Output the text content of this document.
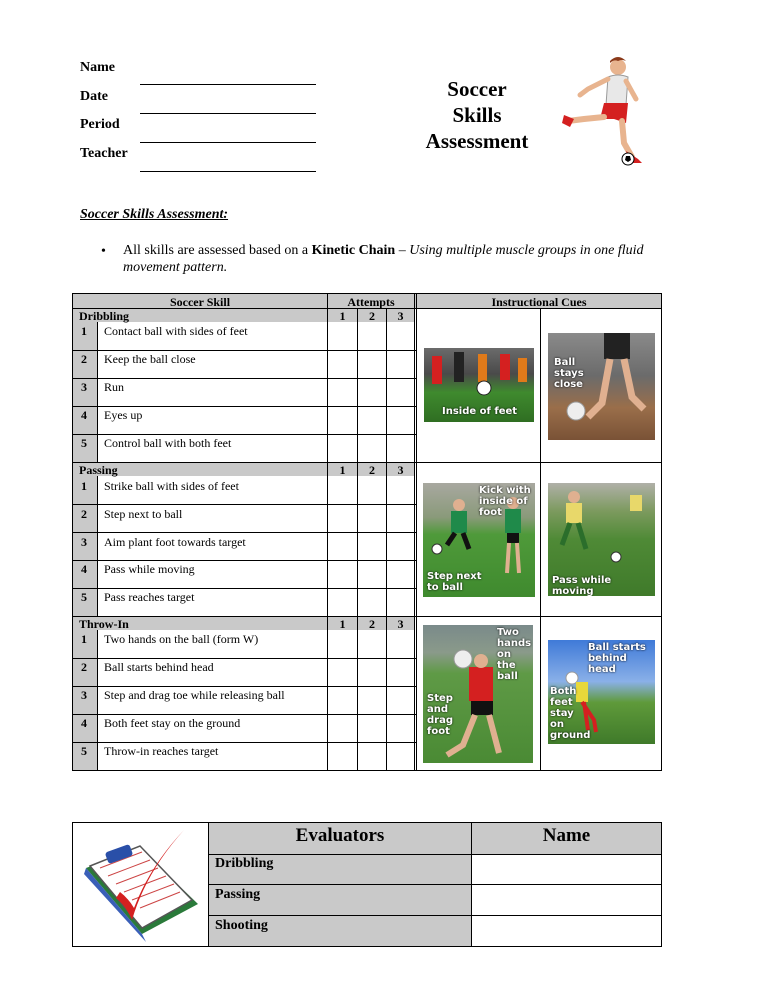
Name
Date
Period
Teacher
Soccer
Skills
Assessment
Soccer Skills Assessment:
• All skills are assessed based on a Kinetic Chain – Using multiple muscle groups in one fluid movement pattern.
Soccer Skill	Attempts	Instructional Cues
Dribbling	1	2	3
1 Contact ball with sides of feet
2 Keep the ball close
3 Run
4 Eyes up
5 Control ball with both feet
Passing	1	2	3
1 Strike ball with sides of feet
2 Step next to ball
3 Aim plant foot towards target
4 Pass while moving
5 Pass reaches target
Throw-In	1	2	3
1 Two hands on the ball (form W)
2 Ball starts behind head
3 Step and drag toe while releasing ball
4 Both feet stay on the ground
5 Throw-in reaches target
Inside of feet
Ball
stays
close
Kick with
inside of
foot
Step next
to ball
Pass while moving
Two
hands
on the
ball
Step
and
drag
foot
Ball starts
behind head
Both
feet
stay
on
ground
Evaluators	Name
Dribbling
Passing
Shooting
